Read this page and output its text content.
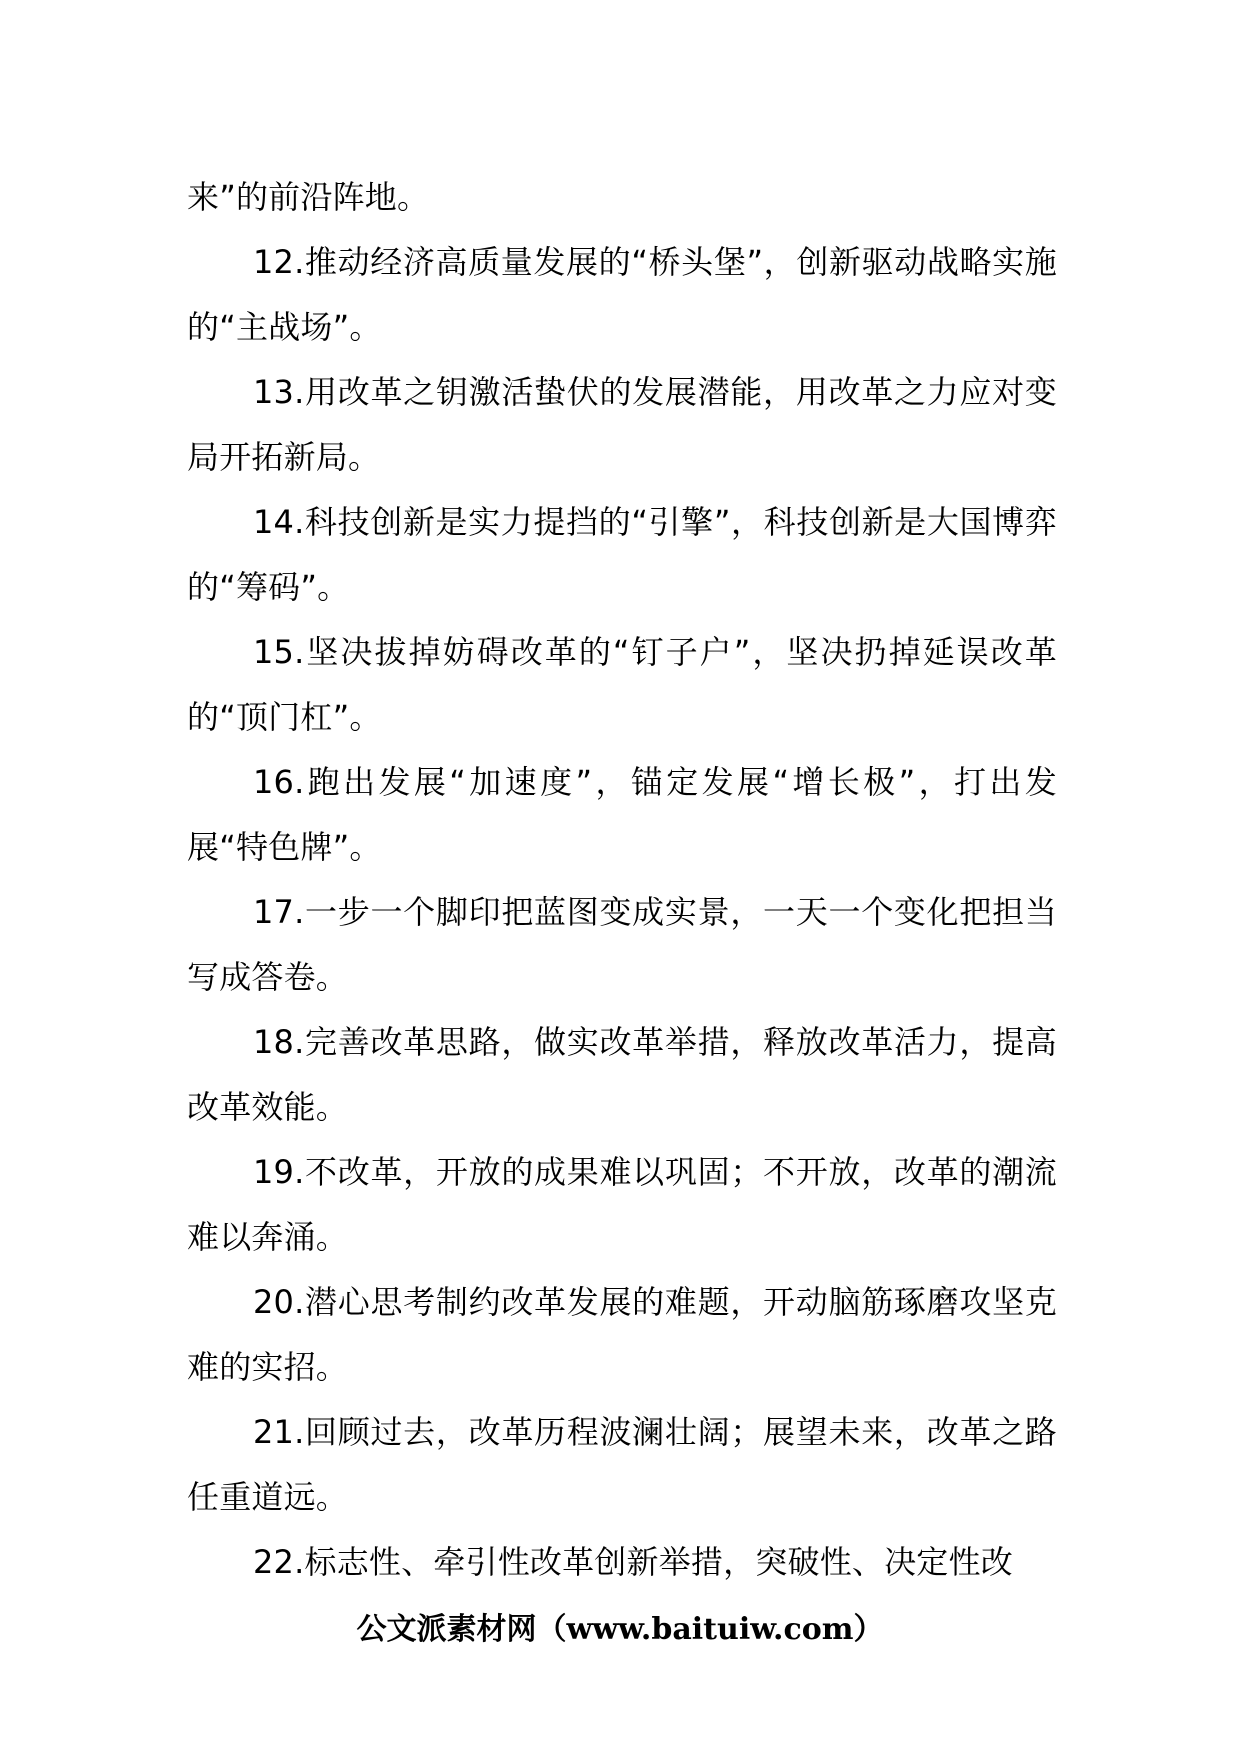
来”的前沿阵地。

12.推动经济高质量发展的“桥头堡”，创新驱动战略实施的“主战场”。

13.用改革之钥激活蛰伏的发展潜能，用改革之力应对变局开拓新局。

14.科技创新是实力提挡的“引擎”，科技创新是大国博弈的“筹码”。

15.坚决拔掉妨碍改革的“钉子户”，坚决扔掉延误改革的“顶门杠”。

16.跑出发展“加速度”，锚定发展“增长极”，打出发展“特色牌”。

17.一步一个脚印把蓝图变成实景，一天一个变化把担当写成答卷。

18.完善改革思路，做实改革举措，释放改革活力，提高改革效能。

19.不改革，开放的成果难以巩固；不开放，改革的潮流难以奔涌。

20.潜心思考制约改革发展的难题，开动脑筋琢磨攻坚克难的实招。

21.回顾过去，改革历程波澜壮阔；展望未来，改革之路任重道远。

22.标志性、牵引性改革创新举措，突破性、决定性改

公文派素材网（www.baituiw.com）
